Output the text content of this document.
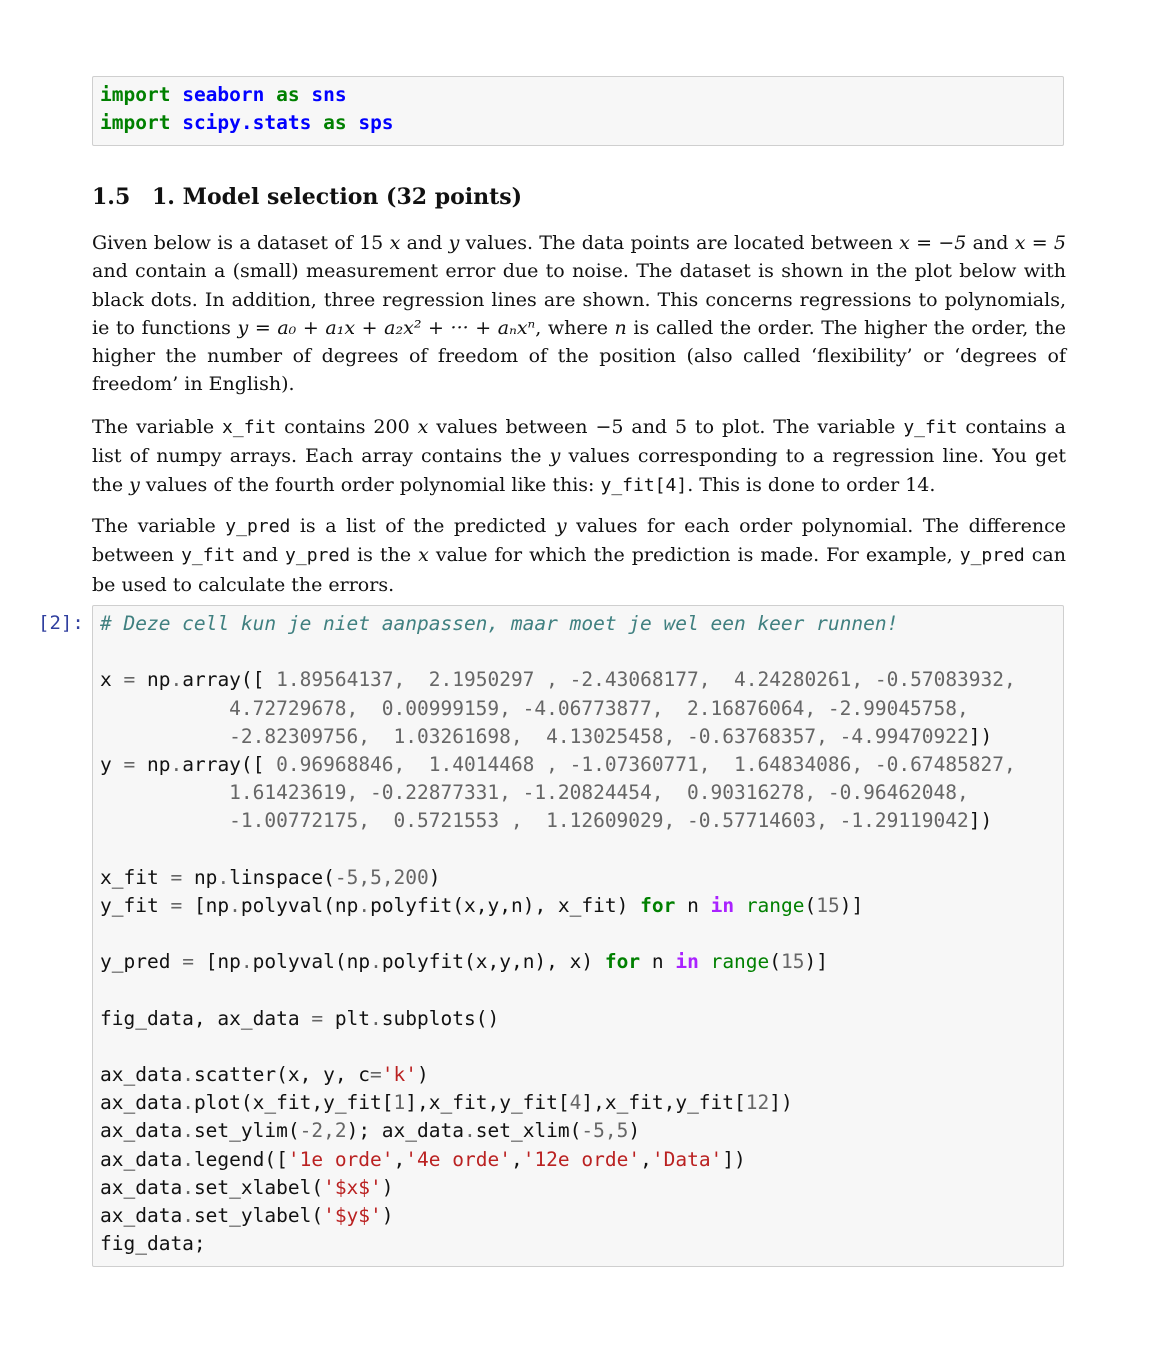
import seaborn as sns
import scipy.stats as sps
1.5 1. Model selection (32 points)

Given below is a dataset of 15 x and y values. The data points are located between x = −5 and x = 5 and contain a (small) measurement error due to noise. The dataset is shown in the plot below with black dots. In addition, three regression lines are shown. This concerns regressions to polynomials, ie to functions y = a₀ + a₁x + a₂x² + ··· + aₙxⁿ, where n is called the order. The higher the order, the higher the number of degrees of freedom of the position (also called ‘flexibility’ or ‘degrees of freedom’ in English).

The variable x_fit contains 200 x values between −5 and 5 to plot. The variable y_fit contains a list of numpy arrays. Each array contains the y values corresponding to a regression line. You get the y values of the fourth order polynomial like this: y_fit[4]. This is done to order 14.

The variable y_pred is a list of the predicted y values for each order polynomial. The difference between y_fit and y_pred is the x value for which the prediction is made. For example, y_pred can be used to calculate the errors.

[2]: # Deze cell kun je niet aanpassen, maar moet je wel een keer runnen!
x = np.array([ 1.89564137,  2.1950297 , -2.43068177,  4.24280261, -0.57083932,
4.72729678,  0.00999159, -4.06773877,  2.16876064, -2.99045758,
-2.82309756,  1.03261698,  4.13025458, -0.63768357, -4.99470922])
y = np.array([ 0.96968846,  1.4014468 , -1.07360771,  1.64834086, -0.67485827,
1.61423619, -0.22877331, -1.20824454,  0.90316278, -0.96462048,
-1.00772175,  0.5721553 ,  1.12609029, -0.57714603, -1.29119042])
x_fit = np.linspace(-5,5,200)
y_fit = [np.polyval(np.polyfit(x,y,n), x_fit) for n in range(15)]
y_pred = [np.polyval(np.polyfit(x,y,n), x) for n in range(15)]
fig_data, ax_data = plt.subplots()
ax_data.scatter(x, y, c='k')
ax_data.plot(x_fit,y_fit[1],x_fit,y_fit[4],x_fit,y_fit[12])
ax_data.set_ylim(-2,2); ax_data.set_xlim(-5,5)
ax_data.legend(['1e orde','4e orde','12e orde','Data'])
ax_data.set_xlabel('$x$')
ax_data.set_ylabel('$y$')
fig_data;
